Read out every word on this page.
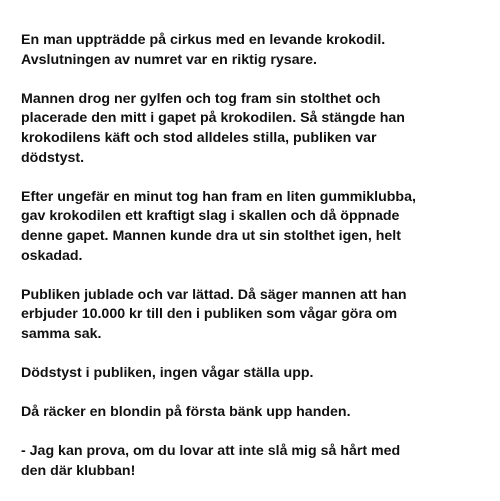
En man uppträdde på cirkus med en levande krokodil.
Avslutningen av numret var en riktig rysare.

Mannen drog ner gylfen och tog fram sin stolthet och
placerade den mitt i gapet på krokodilen. Så stängde han
krokodilens käft och stod alldeles stilla, publiken var
dödstyst.

Efter ungefär en minut tog han fram en liten gummiklubba,
gav krokodilen ett kraftigt slag i skallen och då öppnade
denne gapet. Mannen kunde dra ut sin stolthet igen, helt
oskadad.

Publiken jublade och var lättad. Då säger mannen att han
erbjuder 10.000 kr till den i publiken som vågar göra om
samma sak.

Dödstyst i publiken, ingen vågar ställa upp.

Då räcker en blondin på första bänk upp handen.

- Jag kan prova, om du lovar att inte slå mig så hårt med
den där klubban!
